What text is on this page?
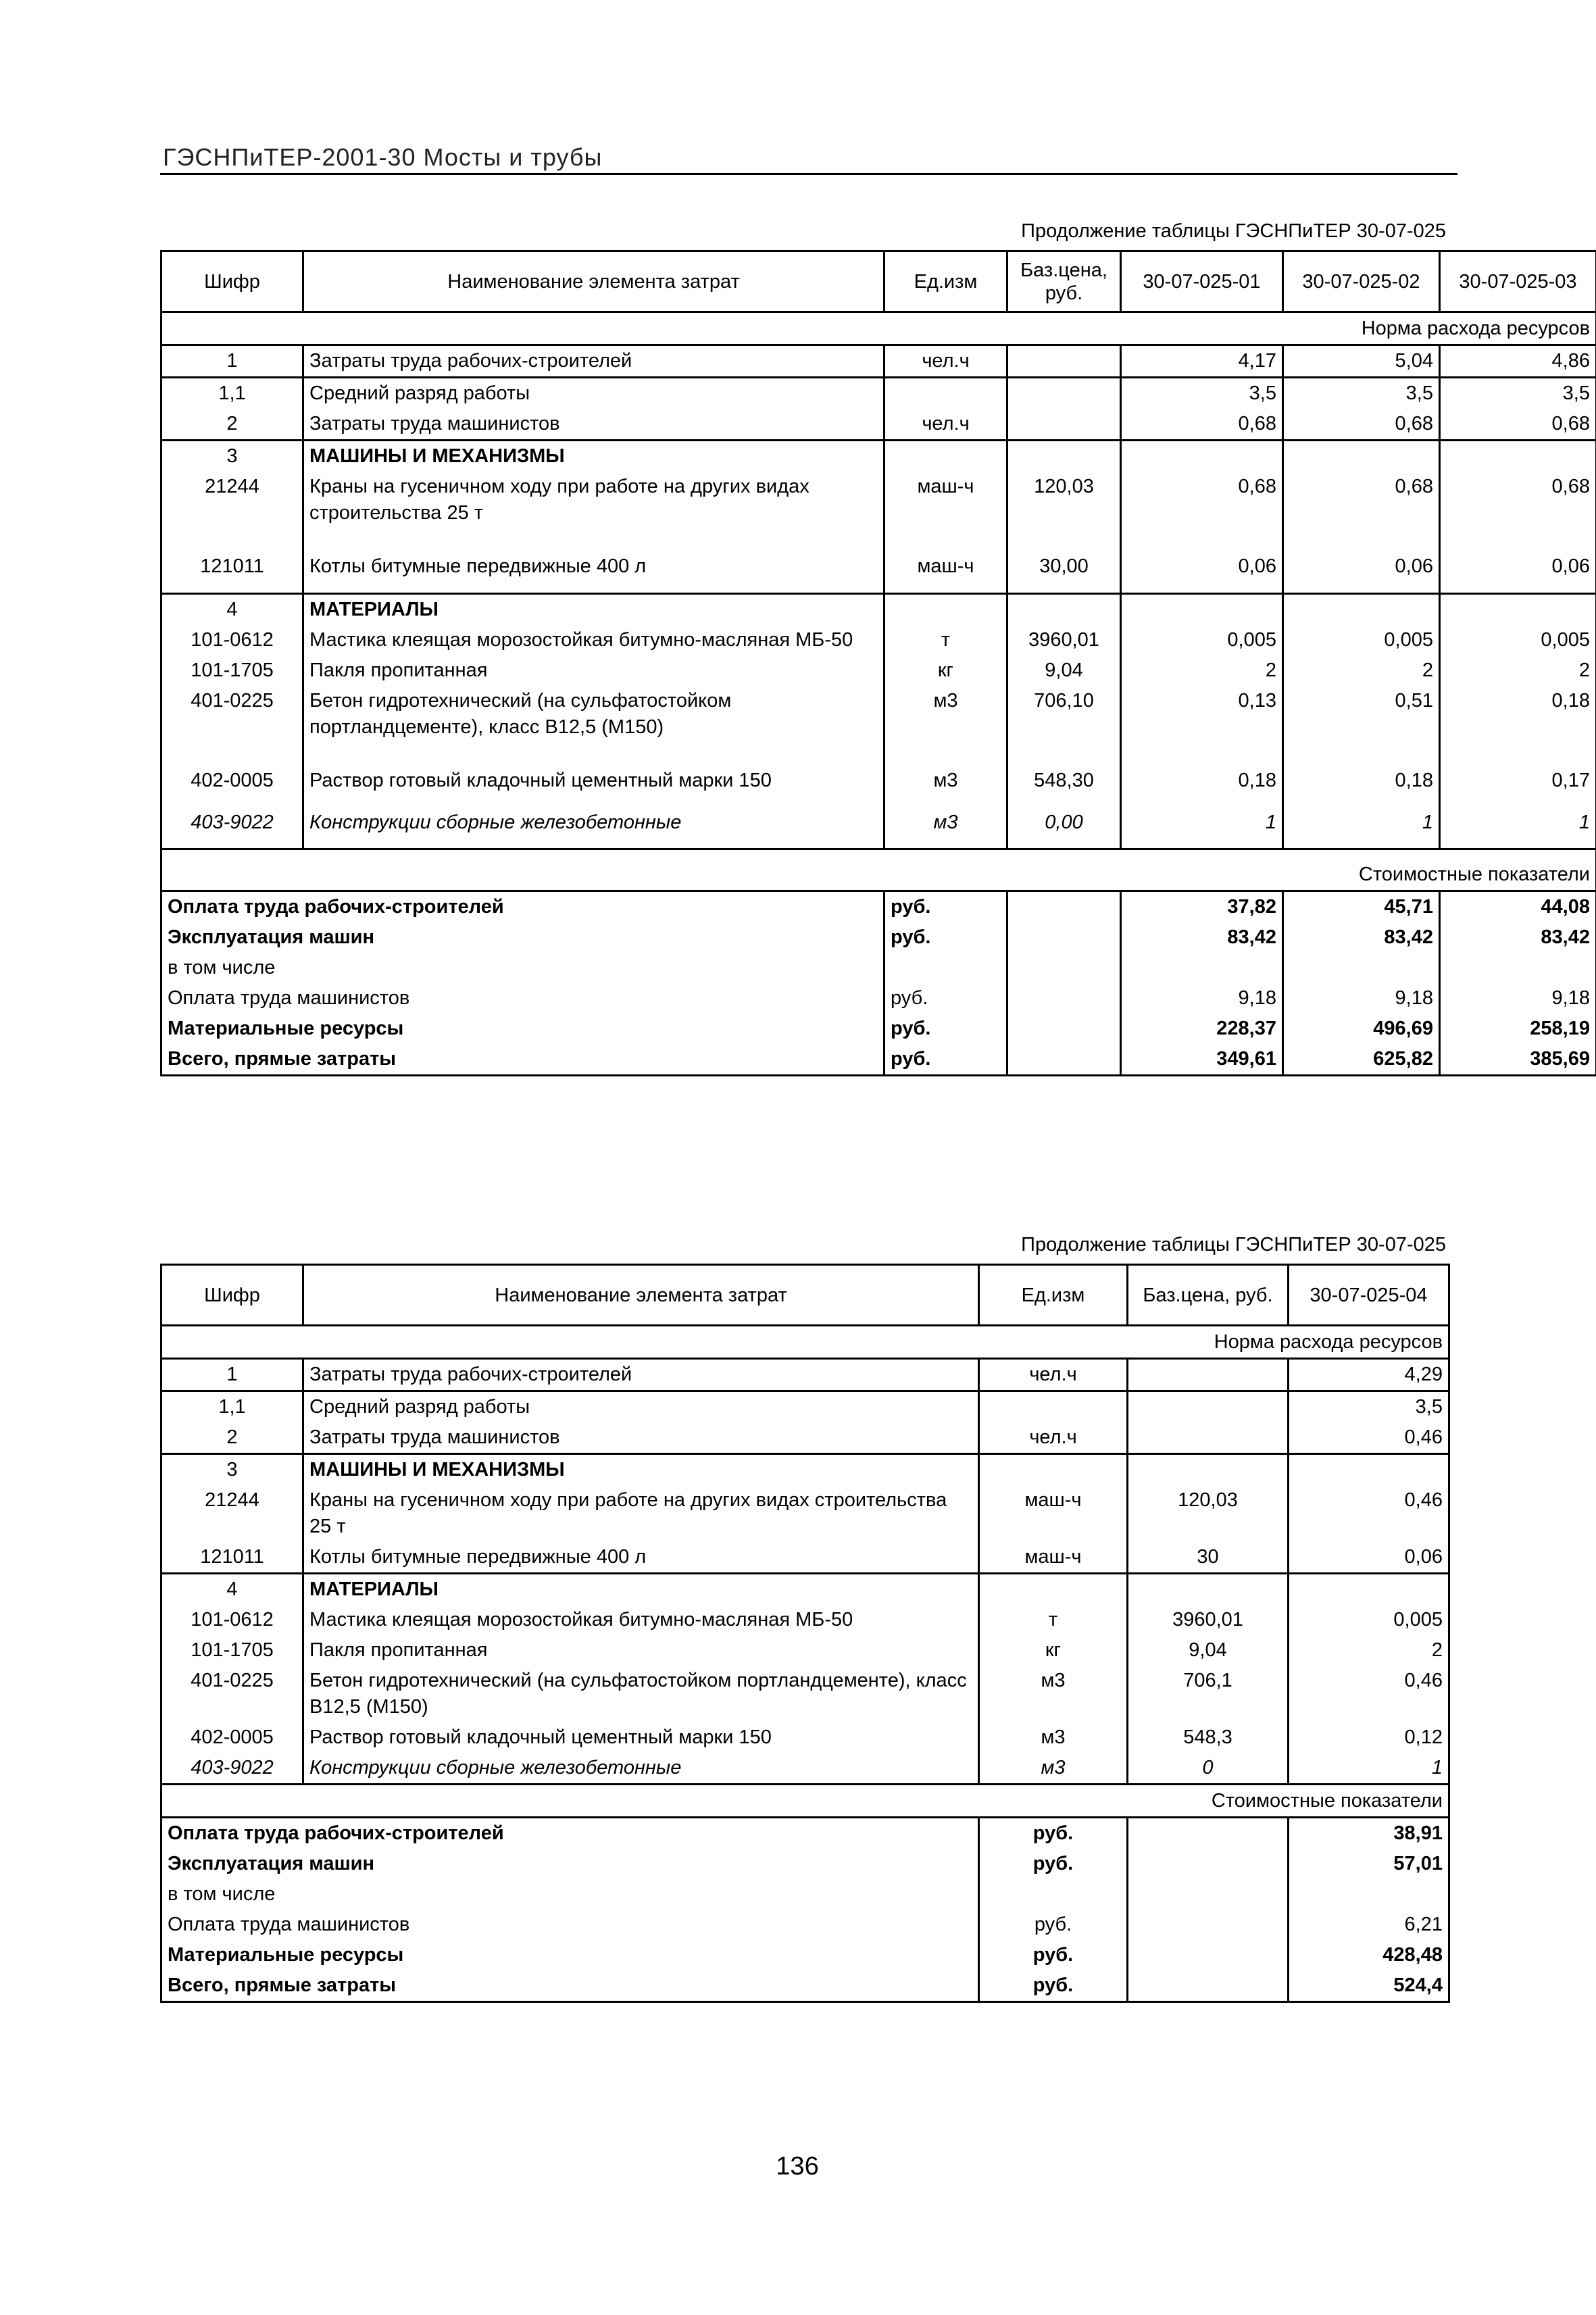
ГЭСНПиТЕР-2001-30 Мосты и трубы
Продолжение таблицы ГЭСНПиТЕР 30-07-025
Шифр	Наименование элемента затрат	Ед.изм	Баз.цена, руб.	30-07-025-01	30-07-025-02	30-07-025-03
Норма расхода ресурсов						
1	Затраты труда рабочих-строителей	чел.ч		4,17	5,04	4,86
1,1	Средний разряд работы			3,5	3,5	3,5
2	Затраты труда машинистов	чел.ч		0,68	0,68	0,68
3	МАШИНЫ И МЕХАНИЗМЫ					
21244	Краны на гусеничном ходу при работе на других видах строительства 25 т	маш-ч	120,03	0,68	0,68	0,68
121011	Котлы битумные передвижные 400 л	маш-ч	30,00	0,06	0,06	0,06
4	МАТЕРИАЛЫ					
101-0612	Мастика клеящая морозостойкая битумно-масляная МБ-50	т	3960,01	0,005	0,005	0,005
101-1705	Пакля пропитанная	кг	9,04	2	2	2
401-0225	Бетон гидротехнический (на сульфатостойком портландцементе), класс В12,5 (М150)	м3	706,10	0,13	0,51	0,18
402-0005	Раствор готовый кладочный цементный марки 150	м3	548,30	0,18	0,18	0,17
403-9022	Конструкции сборные железобетонные	м3	0,00	1	1	1
Стоимостные показатели						
Оплата труда рабочих-строителей		руб.		37,82	45,71	44,08
Эксплуатация машин		руб.		83,42	83,42	83,42
в том числе						
Оплата труда машинистов		руб.		9,18	9,18	9,18
Материальные ресурсы		руб.		228,37	496,69	258,19
Всего, прямые затраты		руб.		349,61	625,82	385,69
Продолжение таблицы ГЭСНПиТЕР 30-07-025
Шифр	Наименование элемента затрат	Ед.изм	Баз.цена, руб.	30-07-025-04
Норма расхода ресурсов				
1	Затраты труда рабочих-строителей	чел.ч		4,29
1,1	Средний разряд работы			3,5
2	Затраты труда машинистов	чел.ч		0,46
3	МАШИНЫ И МЕХАНИЗМЫ			
21244	Краны на гусеничном ходу при работе на других видах строительства 25 т	маш-ч	120,03	0,46
121011	Котлы битумные передвижные 400 л	маш-ч	30	0,06
4	МАТЕРИАЛЫ			
101-0612	Мастика клеящая морозостойкая битумно-масляная МБ-50	т	3960,01	0,005
101-1705	Пакля пропитанная	кг	9,04	2
401-0225	Бетон гидротехнический (на сульфатостойком портландцементе), класс В12,5 (М150)	м3	706,1	0,46
402-0005	Раствор готовый кладочный цементный марки 150	м3	548,3	0,12
403-9022	Конструкции сборные железобетонные	м3	0	1
Стоимостные показатели				
Оплата труда рабочих-строителей		руб.		38,91
Эксплуатация машин		руб.		57,01
в том числе				
Оплата труда машинистов		руб.		6,21
Материальные ресурсы		руб.		428,48
Всего, прямые затраты		руб.		524,4
136
